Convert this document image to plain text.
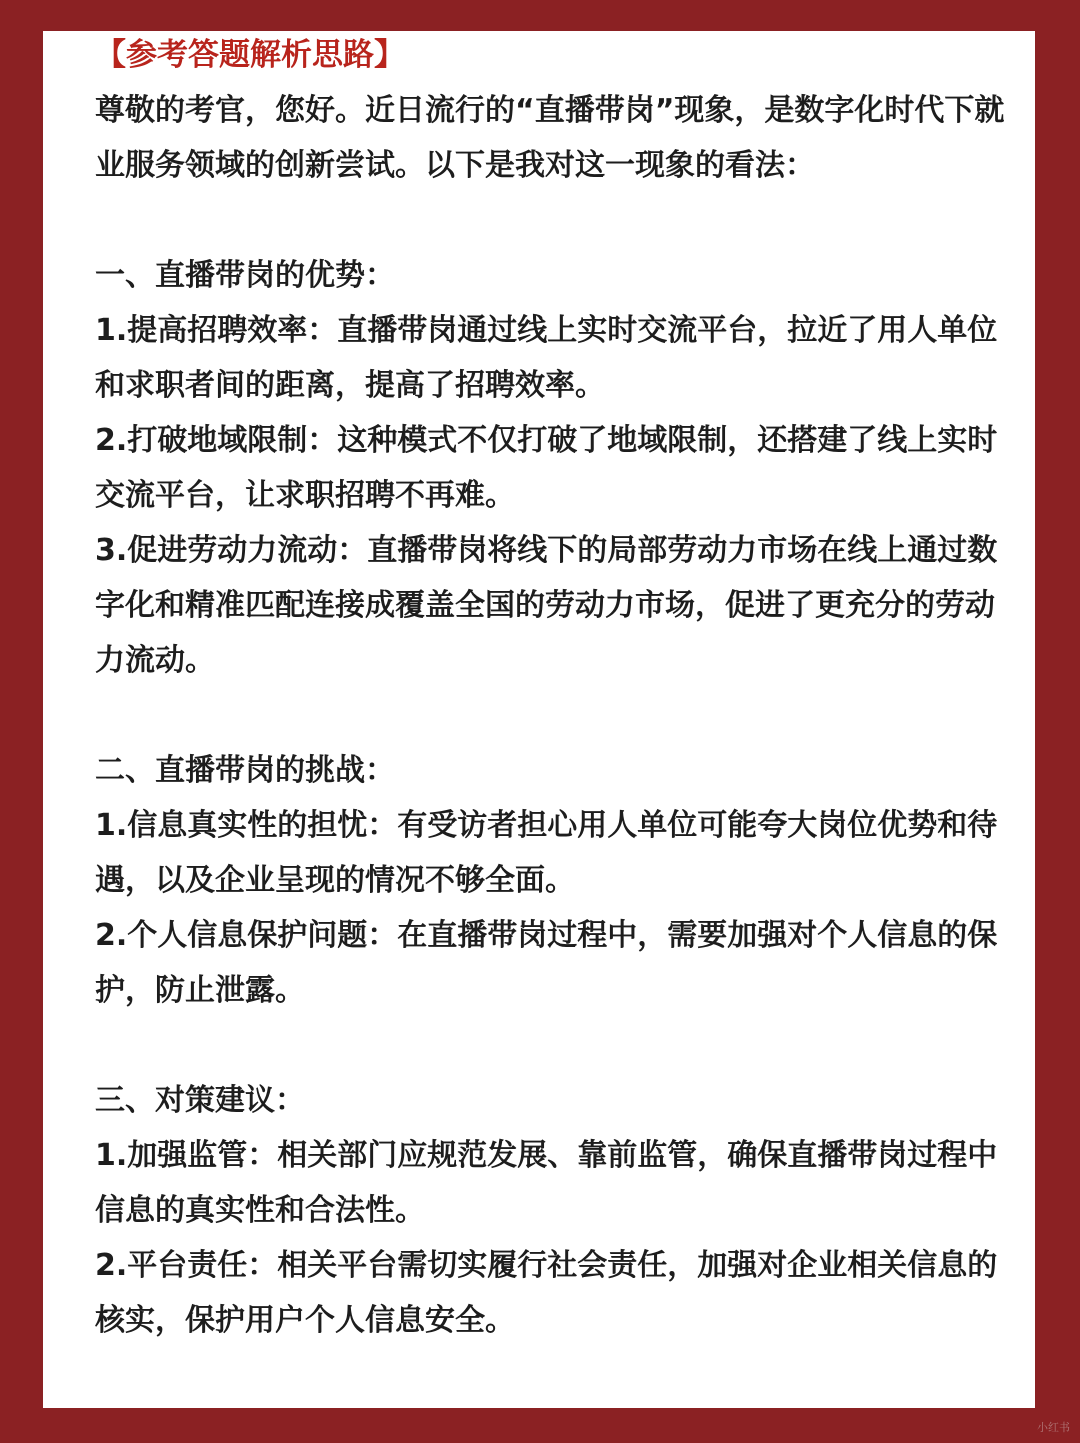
【参考答题解析思路】

尊敬的考官，您好。近日流行的“直播带岗”现象，是数字化时代下就业服务领域的创新尝试。以下是我对这一现象的看法：

一、直播带岗的优势：

1.提高招聘效率：直播带岗通过线上实时交流平台，拉近了用人单位和求职者间的距离，提高了招聘效率。

2.打破地域限制：这种模式不仅打破了地域限制，还搭建了线上实时交流平台，让求职招聘不再难。

3.促进劳动力流动：直播带岗将线下的局部劳动力市场在线上通过数字化和精准匹配连接成覆盖全国的劳动力市场，促进了更充分的劳动力流动。

二、直播带岗的挑战：

1.信息真实性的担忧：有受访者担心用人单位可能夸大岗位优势和待遇，以及企业呈现的情况不够全面。

2.个人信息保护问题：在直播带岗过程中，需要加强对个人信息的保护，防止泄露。

三、对策建议：

1.加强监管：相关部门应规范发展、靠前监管，确保直播带岗过程中信息的真实性和合法性。

2.平台责任：相关平台需切实履行社会责任，加强对企业相关信息的核实，保护用户个人信息安全。

小红书
